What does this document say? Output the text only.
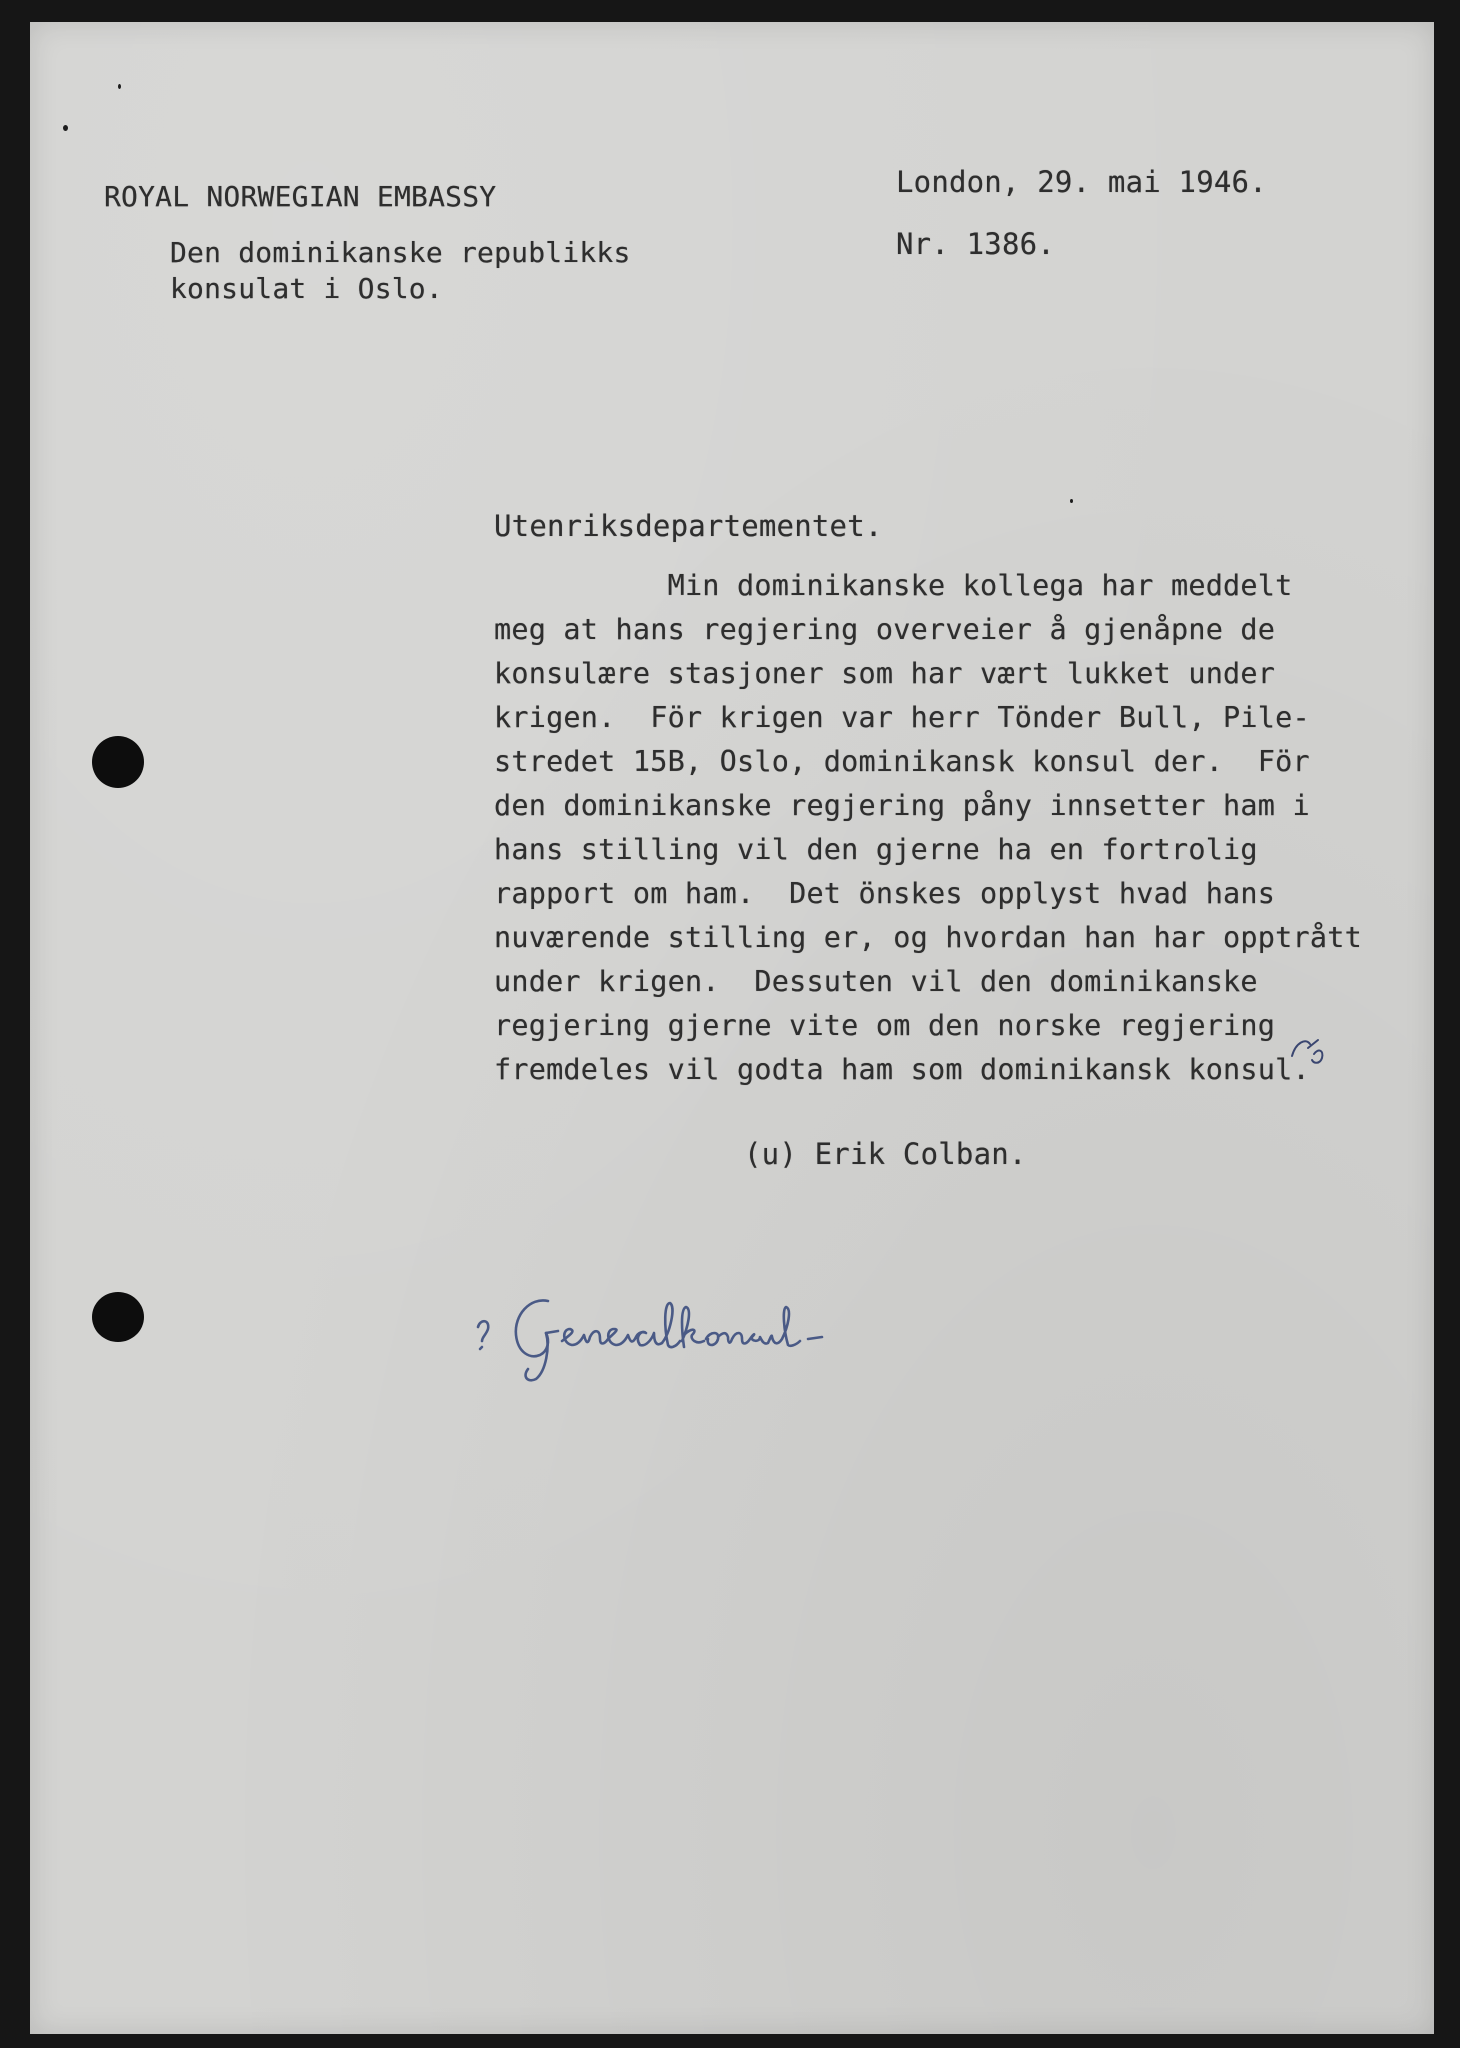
ROYAL NORWEGIAN EMBASSY	London, 29. mai 1946.

Nr. 1386.

Den dominikanske republikks
konsulat i Oslo.

Utenriksdepartementet.

Min dominikanske kollega har meddelt
meg at hans regjering overveier å gjenåpne de
konsulære stasjoner som har vært lukket under
krigen.  För krigen var herr Tönder Bull, Pile-
stredet 15B, Oslo, dominikansk konsul der.  För
den dominikanske regjering påny innsetter ham i
hans stilling vil den gjerne ha en fortrolig
rapport om ham.  Det önskes opplyst hvad hans
nuværende stilling er, og hvordan han har opptrått
under krigen.  Dessuten vil den dominikanske
regjering gjerne vite om den norske regjering
fremdeles vil godta ham som dominikansk konsul.

(u) Erik Colban.
